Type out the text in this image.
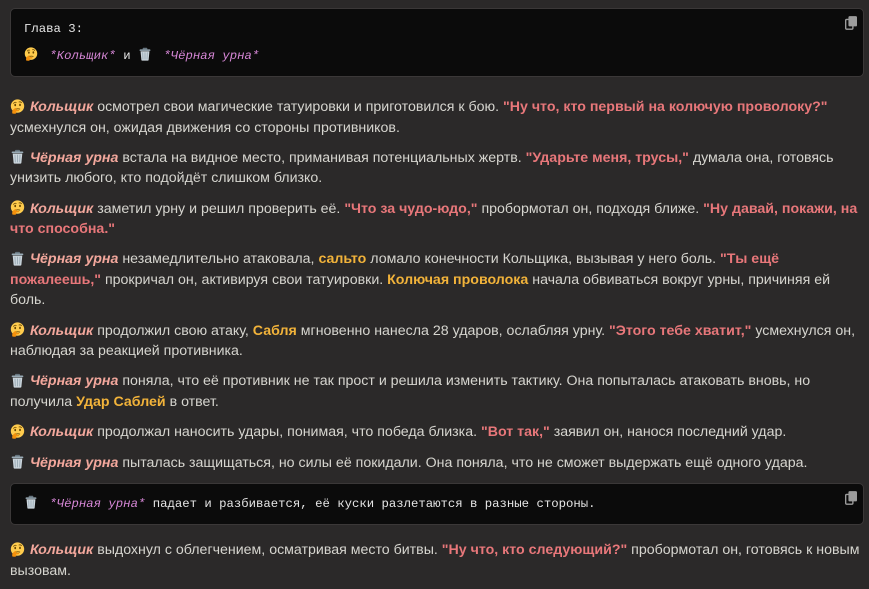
Глава 3:
*Кольщик* и	*Чёрная урна*

Кольщик осмотрел свои магические татуировки и приготовился к бою. "Ну что, кто первый на колючую проволоку?" усмехнулся он, ожидая движения со стороны противников.

Чёрная урна встала на видное место, приманивая потенциальных жертв. "Ударьте меня, трусы," думала она, готовясь унизить любого, кто подойдёт слишком близко.

Кольщик заметил урну и решил проверить её. "Что за чудо-юдо," пробормотал он, подходя ближе. "Ну давай, покажи, на что способна."

Чёрная урна незамедлительно атаковала, сальто ломало конечности Кольщика, вызывая у него боль. "Ты ещё пожалеешь," прокричал он, активируя свои татуировки. Колючая проволока начала обвиваться вокруг урны, причиняя ей боль.

Кольщик продолжил свою атаку, Сабля мгновенно нанесла 28 ударов, ослабляя урну. "Этого тебе хватит," усмехнулся он, наблюдая за реакцией противника.

Чёрная урна поняла, что её противник не так прост и решила изменить тактику. Она попыталась атаковать вновь, но получила Удар Саблей в ответ.

Кольщик продолжал наносить удары, понимая, что победа близка. "Вот так," заявил он, нанося последний удар.

Чёрная урна пыталась защищаться, но силы её покидали. Она поняла, что не сможет выдержать ещё одного удара.

*Чёрная урна* падает и разбивается, её куски разлетаются в разные стороны.

Кольщик выдохнул с облегчением, осматривая место битвы. "Ну что, кто следующий?" пробормотал он, готовясь к новым вызовам.
